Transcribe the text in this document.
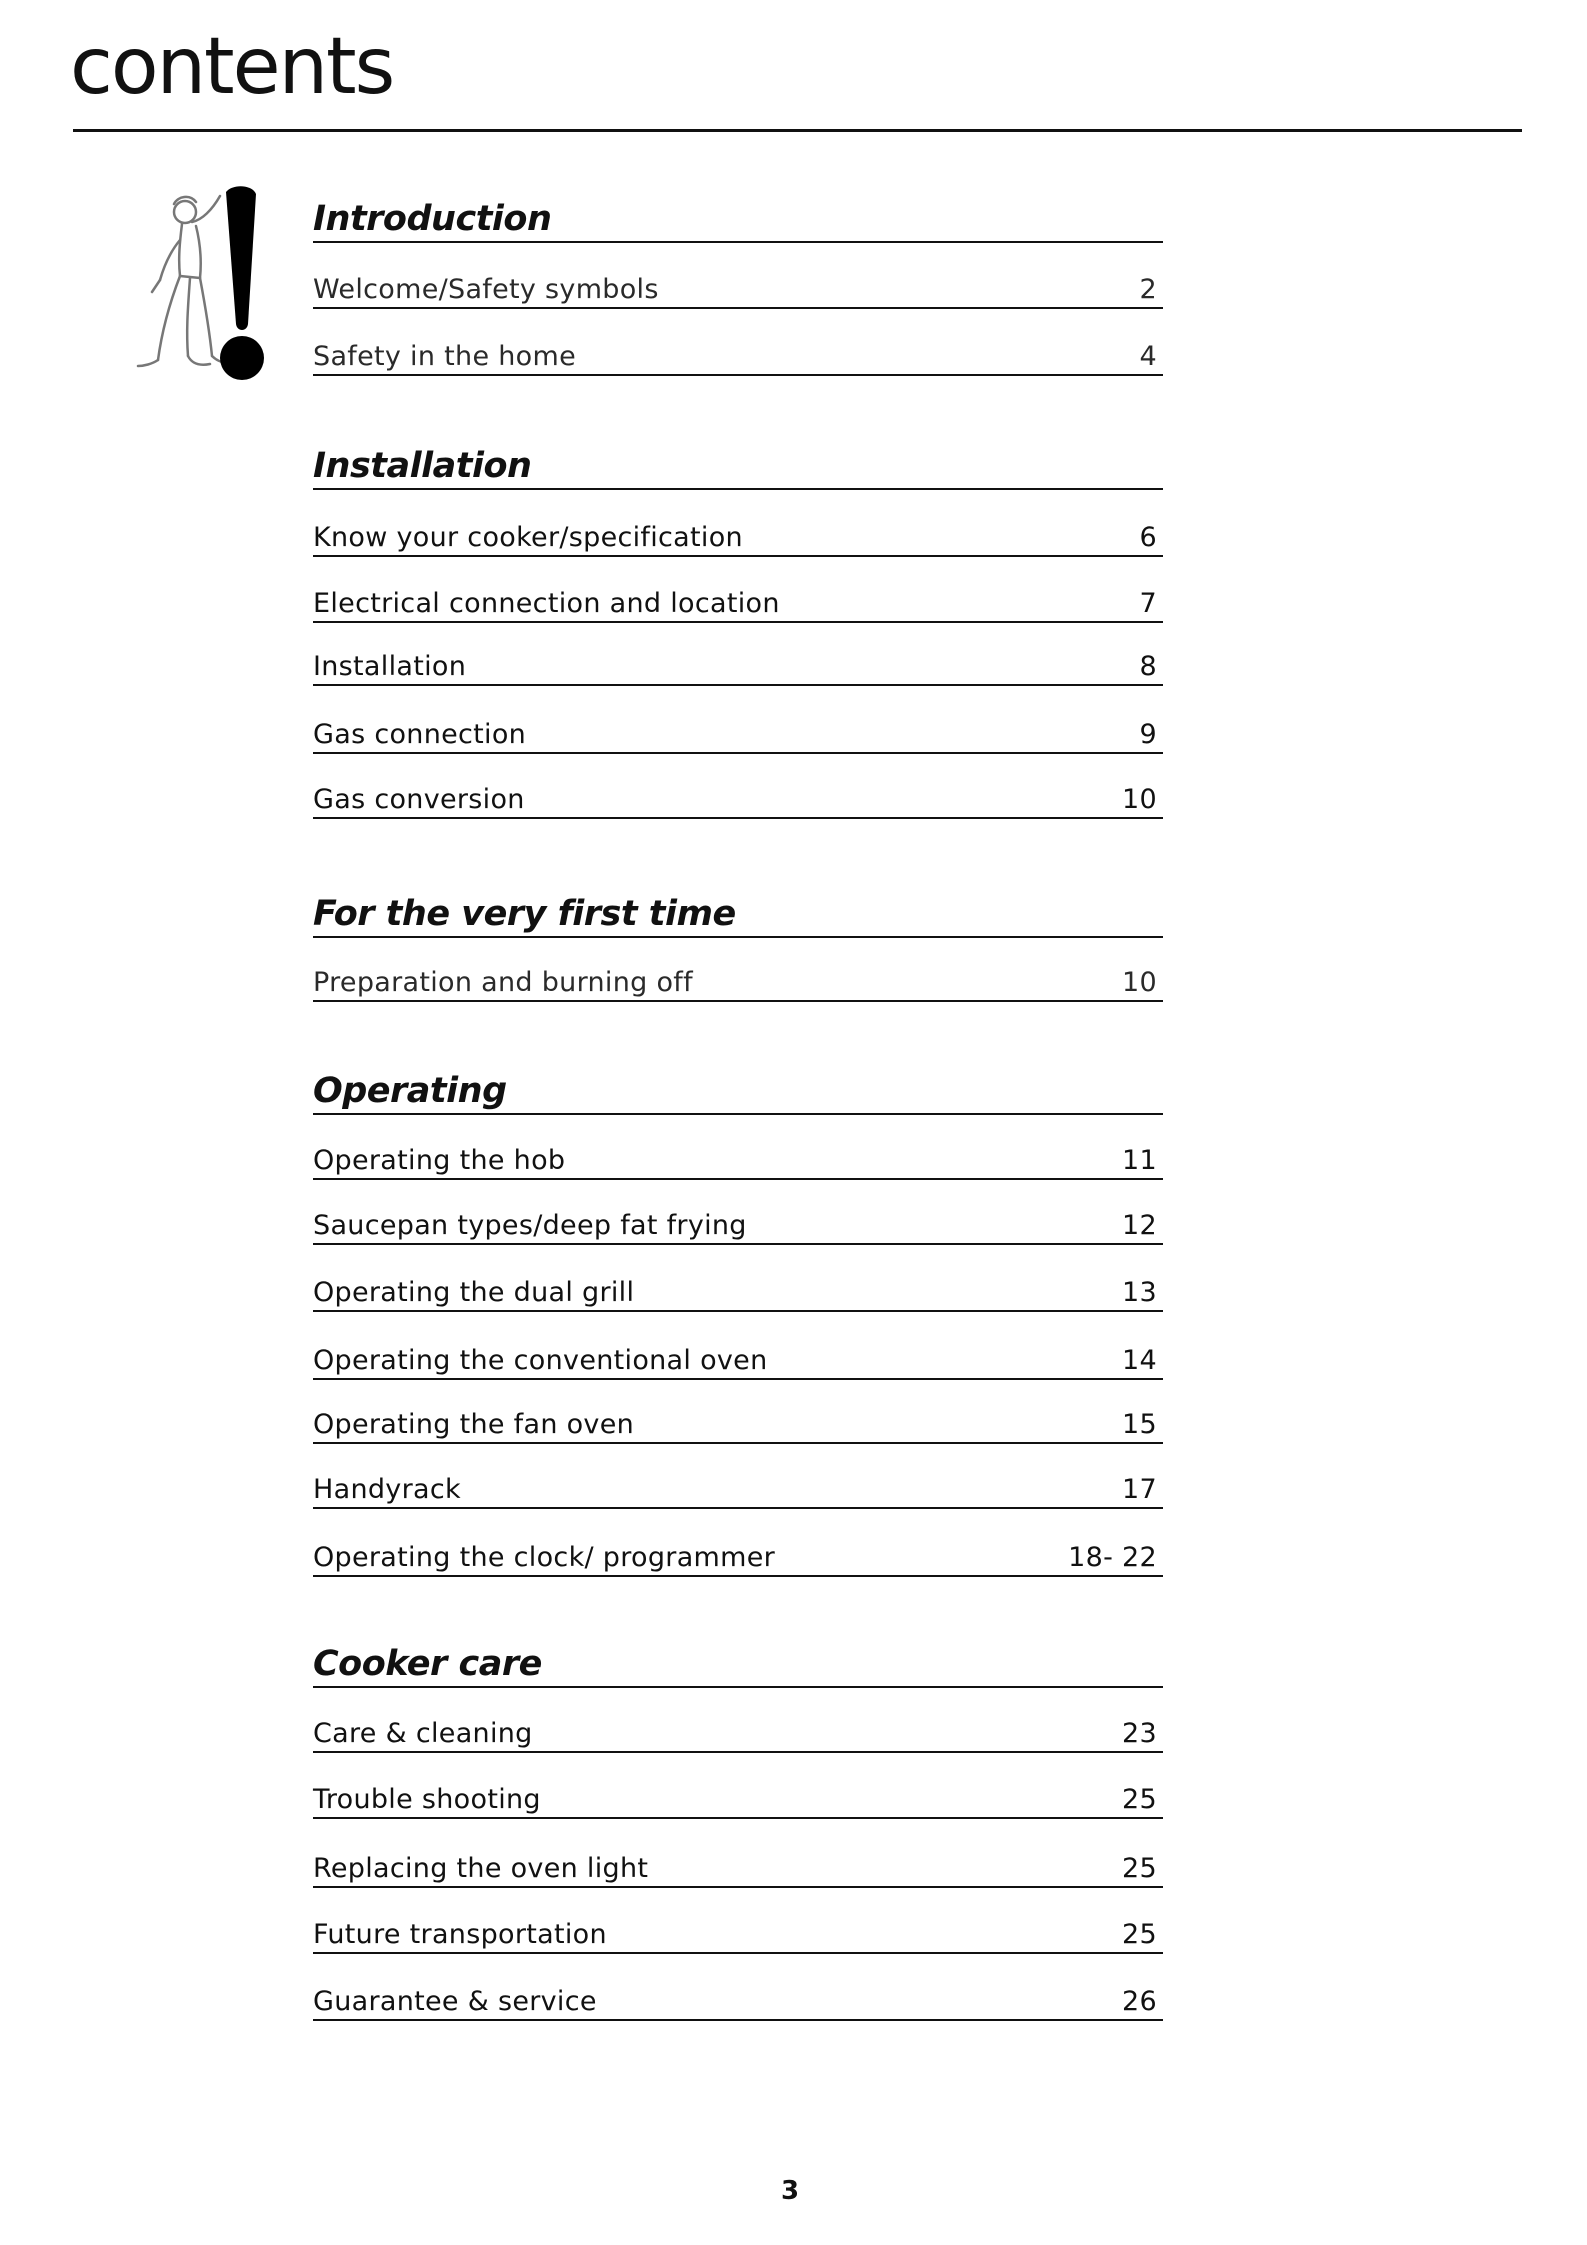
contents
Introduction
Welcome/Safety symbols	2
Safety in the home	4
Installation
Know your cooker/specification	6
Electrical connection and location	7
Installation	8
Gas connection	9
Gas conversion	10
For the very first time
Preparation and burning off	10
Operating
Operating the hob	11
Saucepan types/deep fat frying	12
Operating the dual grill	13
Operating the conventional oven	14
Operating the fan oven	15
Handyrack	17
Operating the clock/ programmer	18- 22
Cooker care
Care & cleaning	23
Trouble shooting	25
Replacing the oven light	25
Future transportation	25
Guarantee & service	26
3
